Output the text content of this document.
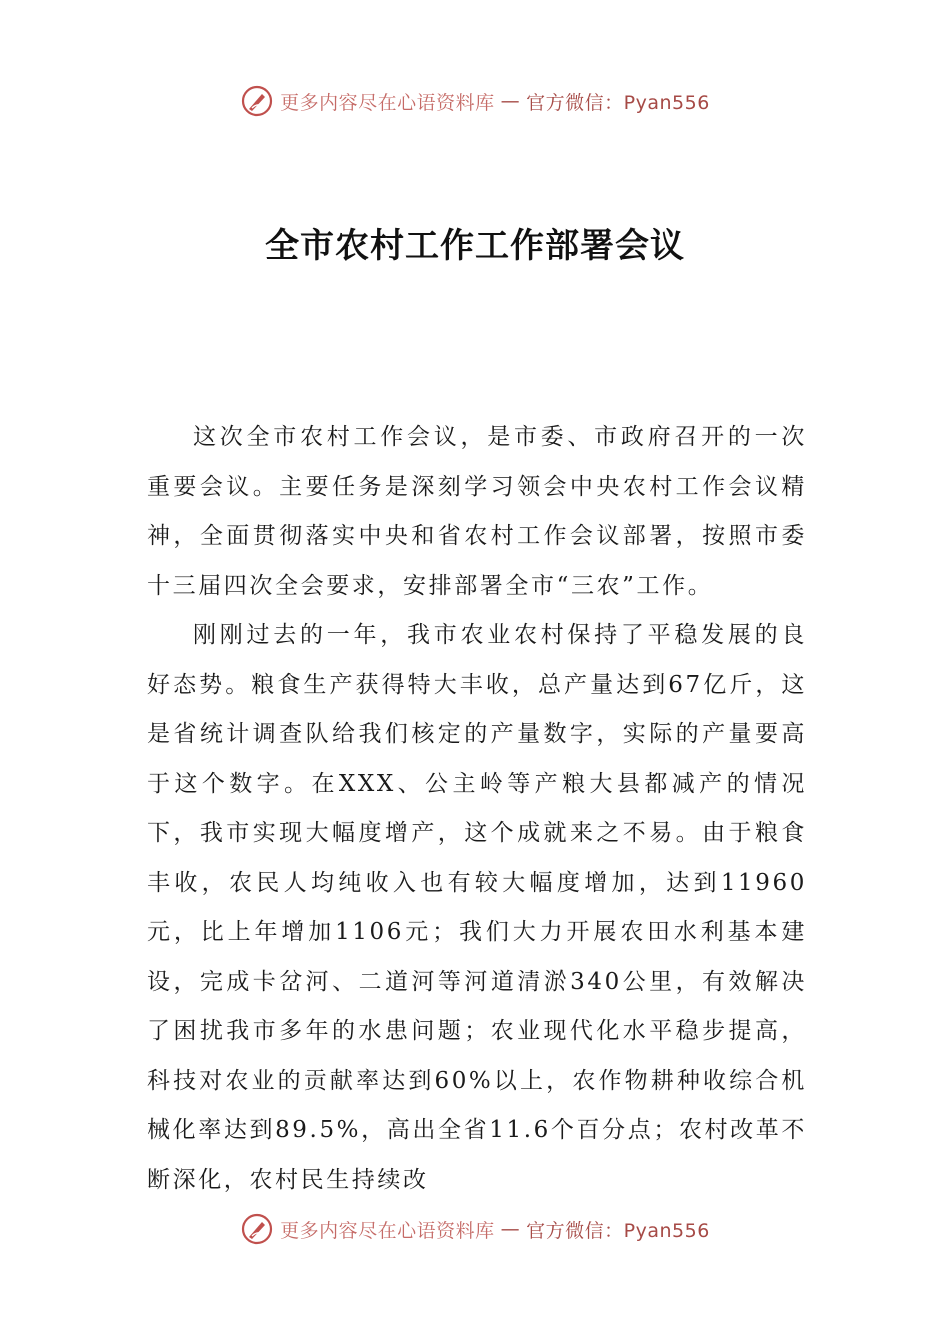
更多内容尽在心语资料库 — 官方微信：Pyan556
全市农村工作工作部署会议

这次全市农村工作会议，是市委、市政府召开的一次重要会议。主要任务是深刻学习领会中央农村工作会议精神，全面贯彻落实中央和省农村工作会议部署，按照市委十三届四次全会要求，安排部署全市“三农”工作。

刚刚过去的一年，我市农业农村保持了平稳发展的良好态势。粮食生产获得特大丰收，总产量达到67亿斤，这是省统计调查队给我们核定的产量数字，实际的产量要高于这个数字。在XXX、公主岭等产粮大县都减产的情况下，我市实现大幅度增产，这个成就来之不易。由于粮食丰收，农民人均纯收入也有较大幅度增加，达到11960元，比上年增加1106元；我们大力开展农田水利基本建设，完成卡岔河、二道河等河道清淤340公里，有效解决了困扰我市多年的水患问题；农业现代化水平稳步提高，科技对农业的贡献率达到60%以上，农作物耕种收综合机械化率达到89.5%，高出全省11.6个百分点；农村改革不断深化，农村民生持续改

更多内容尽在心语资料库 — 官方微信：Pyan556
